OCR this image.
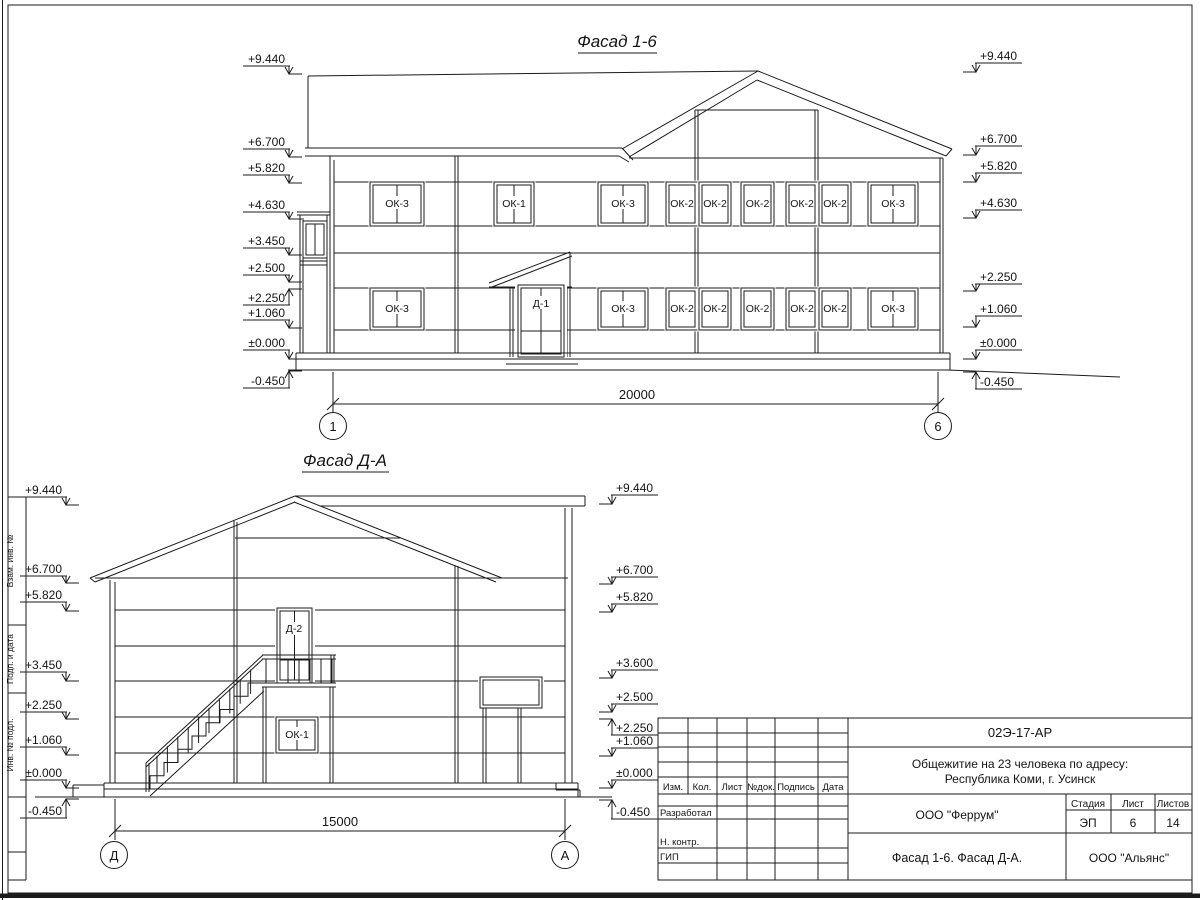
Взам. инв. №
Подп. и дата
Инв. № подл.
Фасад 1-6
ОК-3	ОК-1	ОК-3	ОК-2 ОК-2 ОК-2 ОК-2 ОК-2	ОК-3
ОК-3	ОК-3	ОК-2 ОК-2 ОК-2 ОК-2 ОК-2	ОК-3
Д-1
20000
1	6
+9.440
+6.700
+5.820
+4.630
+3.450
+2.500
+2.250
+1.060
±0.000
-0.450
+9.440
+6.700
+5.820
+4.630
+2.250
+1.060
±0.000
-0.450
Фасад Д-А
Д-2
ОК-1
15000
Д	А
+9.440
+6.700
+5.820
+3.450
+2.250
+1.060
±0.000
-0.450
+9.440
+6.700
+5.820
+3.600
+2.500
+2.250
+1.060
±0.000
-0.450
Изм. Кол. Лист №док. Подпись Дата
Разработал
Н. контр.
ГИП
02Э-17-АР
Общежитие на 23 человека по адресу:
Республика Коми, г. Усинск
ООО "Феррум"
Стадия Лист Листов
ЭП	6 14
Фасад 1-6. Фасад Д-А.	ООО "Альянс"
